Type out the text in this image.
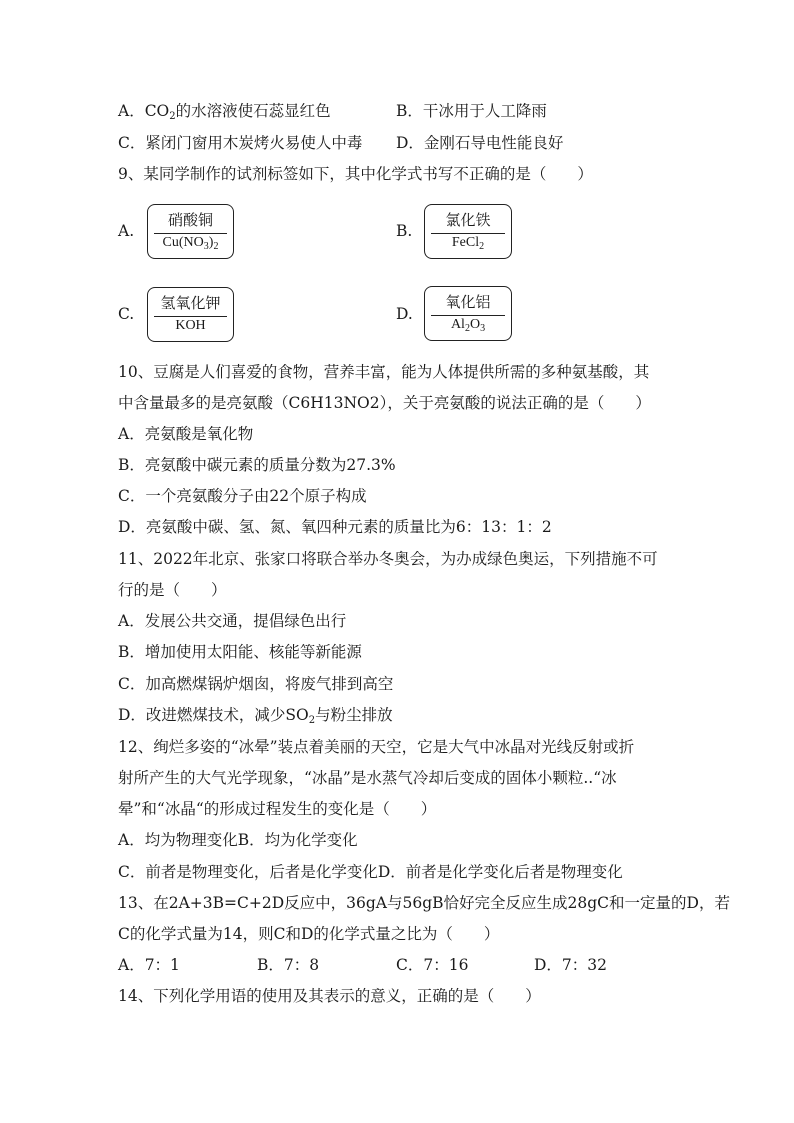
A．$CO_2$的水溶液使石蕊显红色	B．干冰用于人工降雨
C．紧闭门窗用木炭烤火易使人中毒 D．金刚石导电性能良好
9、某同学制作的试剂标签如下，其中化学式书写不正确的是（　　）
A.
硝酸铜
$Cu(NO_3)_2$
B.
氯化铁
FeCl$_2$
C.
氢氧化钾
KOH
D.
氧化铝
$Al_2O_3$
10、豆腐是人们喜爱的食物，营养丰富，能为人体提供所需的多种氨基酸，其
中含量最多的是亮氨酸（C6H13NO2），关于亮氨酸的说法正确的是（　　）
A．亮氨酸是氧化物
B．亮氨酸中碳元素的质量分数为27.3%
C．一个亮氨酸分子由22个原子构成
D．亮氨酸中碳、氢、氮、氧四种元素的质量比为6：13：1：2
11、2022年北京、张家口将联合举办冬奥会，为办成绿色奥运，下列措施不可
行的是（　　）
A．发展公共交通，提倡绿色出行
B．增加使用太阳能、核能等新能源
C．加高燃煤锅炉烟囱，将废气排到高空
D．改进燃煤技术，减少$SO_2$与粉尘排放
12、绚烂多姿的“冰晕”装点着美丽的天空，它是大气中冰晶对光线反射或折
射所产生的大气光学现象，“冰晶”是水蒸气冷却后变成的固体小颗粒..“冰
晕”和“冰晶“的形成过程发生的变化是（　　）
A．均为物理变化B．均为化学变化
C．前者是物理变化，后者是化学变化D．前者是化学变化后者是物理变化
13、在2A+3B=C+2D反应中，36gA与56gB恰好完全反应生成28gC和一定量的D，若
C的化学式量为14，则C和D的化学式量之比为（　　）
A．7：1	B．7：8	C．7：16	D．7：32
14、下列化学用语的使用及其表示的意义，正确的是（　　）
